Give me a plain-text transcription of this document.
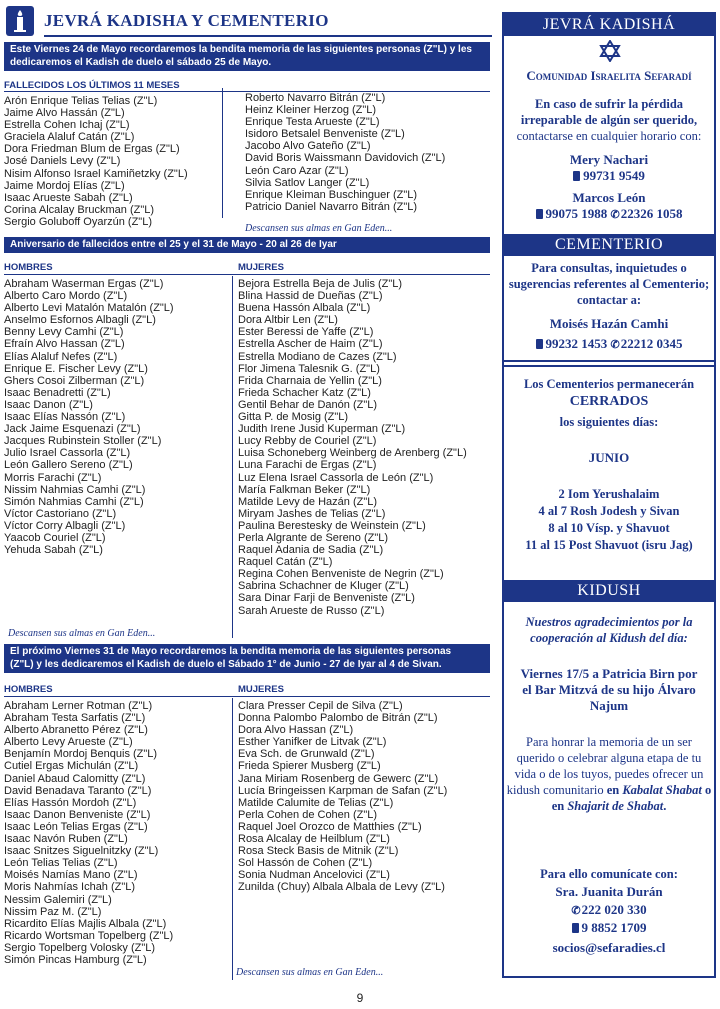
JEVRÁ KADISHA Y CEMENTERIO
Este Viernes 24 de Mayo recordaremos la bendita memoria de las siguientes personas (Z"L) y les
dedicaremos el Kadish de duelo el sábado 25 de Mayo.
FALLECIDOS LOS ÚLTIMOS 11 MESES
Arón Enrique Telias Telias (Z"L)
Jaime Alvo Hassán (Z"L)
Estrella Cohen Ichaj (Z"L)
Graciela Alaluf Catán (Z"L)
Dora Friedman Blum de Ergas (Z"L)
José Daniels Levy (Z"L)
Nisim Alfonso Israel Kamiñetzky (Z"L)
Jaime Mordoj Elías (Z"L)
Isaac Arueste Sabah (Z"L)
Corina Alcalay Bruckman (Z"L)
Sergio Goluboff Oyarzún (Z"L)
Roberto Navarro Bitrán (Z"L)
Heinz Kleiner Herzog (Z"L)
Enrique Testa Arueste (Z"L)
Isidoro Betsalel Benveniste (Z"L)
Jacobo Alvo Gateño (Z"L)
David Boris Waissmann Davidovich (Z"L)
León Caro Azar (Z"L)
Silvia Satlov Langer (Z"L)
Enrique Kleiman Buschinguer (Z"L)
Patricio Daniel Navarro Bitrán (Z"L)
Descansen sus almas en Gan Eden...
Aniversario de fallecidos entre el 25 y el 31 de Mayo - 20 al 26 de Iyar
HOMBRES	MUJERES
Abraham Waserman Ergas (Z"L)
Alberto Caro Mordo (Z"L)
Alberto Levi Matalón Matalón (Z"L)
Anselmo Esfornos Albagli (Z"L)
Benny Levy Camhi (Z"L)
Efraín Alvo Hassan (Z"L)
Elías Alaluf Nefes (Z"L)
Enrique E. Fischer Levy (Z"L)
Ghers Cosoi Zilberman (Z"L)
Isaac Benadretti (Z"L)
Isaac Danon (Z"L)
Isaac Elías Nassón (Z"L)
Jack Jaime Esquenazi (Z"L)
Jacques Rubinstein Stoller (Z"L)
Julio Israel Cassorla (Z"L)
León Gallero Sereno (Z"L)
Morris Farachi (Z"L)
Nissim Nahmias Camhi (Z"L)
Simón Nahmias Camhi (Z"L)
Víctor Castoriano (Z"L)
Víctor Corry Albagli (Z"L)
Yaacob Couriel (Z"L)
Yehuda Sabah (Z"L)
Bejora Estrella Beja de Julis (Z"L)
Blina Hassid de Dueñas (Z"L)
Buena Hassón Albala (Z"L)
Dora Altbir Len (Z"L)
Ester Beressi de Yaffe (Z"L)
Estrella Ascher de Haim (Z"L)
Estrella Modiano de Cazes (Z"L)
Flor Jimena Talesnik G. (Z"L)
Frida Charnaia de Yellin (Z"L)
Frieda Schacher Katz (Z"L)
Gentil Behar de Danón (Z"L)
Gitta P. de Mosig (Z"L)
Judith Irene Jusid Kuperman (Z"L)
Lucy Rebby de Couriel (Z"L)
Luisa Schoneberg Weinberg de Arenberg (Z"L)
Luna Farachi de Ergas (Z"L)
Luz Elena Israel Cassorla de León (Z"L)
María Falkman Beker (Z"L)
Matilde Levy de Hazán (Z"L)
Miryam Jashes de Telias (Z"L)
Paulina Berestesky de Weinstein (Z"L)
Perla Algrante de Sereno (Z"L)
Raquel Adania de Sadia (Z"L)
Raquel Catán (Z"L)
Regina Cohen Benveniste de Negrin (Z"L)
Sabrina Schachner de Kluger (Z"L)
Sara Dinar Farji de Benveniste (Z"L)
Sarah Arueste de Russo (Z"L)
Descansen sus almas en Gan Eden...
El próximo Viernes 31 de Mayo recordaremos la bendita memoria de las siguientes personas
(Z"L) y les dedicaremos el Kadish de duelo el Sábado 1° de Junio - 27 de Iyar al 4 de Sivan.
HOMBRES	MUJERES
Abraham Lerner Rotman (Z"L)
Abraham Testa Sarfatis (Z"L)
Alberto Abranetto Pérez (Z"L)
Alberto Levy Arueste (Z"L)
Benjamín Mordoj Benquis (Z"L)
Cutiel Ergas Michulán (Z"L)
Daniel Abaud Calomitty (Z"L)
David Benadava Taranto (Z"L)
Elías Hassón Mordoh (Z"L)
Isaac Danon Benveniste (Z"L)
Isaac León Telias Ergas (Z"L)
Isaac Navón Ruben (Z"L)
Isaac Snitzes Siguelnitzky (Z"L)
León Telias Telias (Z"L)
Moisés Namías Mano (Z"L)
Moris Nahmías Ichah (Z"L)
Nessim Galemiri (Z"L)
Nissim Paz M. (Z"L)
Ricardito Elías Majlis Albala (Z"L)
Ricardo Wortsman Topelberg (Z"L)
Sergio Topelberg Volosky (Z"L)
Simón Pincas Hamburg (Z"L)
Clara Presser Cepil de Silva (Z"L)
Donna Palombo Palombo de Bitrán (Z"L)
Dora Alvo Hassan (Z"L)
Esther Yanifker de Litvak (Z"L)
Eva Sch. de Grunwald (Z"L)
Frieda Spierer Musberg (Z"L)
Jana Miriam Rosenberg de Gewerc (Z"L)
Lucía Bringeissen Karpman de Safan (Z"L)
Matilde Calumite de Telias (Z"L)
Perla Cohen de Cohen (Z"L)
Raquel Joel Orozco de Matthies (Z"L)
Rosa Alcalay de Heilblum (Z"L)
Rosa Steck Basis de Mitnik (Z"L)
Sol Hassón de Cohen (Z"L)
Sonia Nudman Ancelovici (Z"L)
Zunilda (Chuy) Albala Albala de Levy (Z"L)
Descansen sus almas en Gan Eden...
JEVRÁ KADISHÁ
Comunidad Israelita Sefaradí
En caso de sufrir la pérdida irreparable de algún ser querido, contactarse en cualquier horario con:
Mery Nachari
99731 9549
Marcos León
99075 1988 ✆22326 1058
CEMENTERIO
Para consultas, inquietudes o sugerencias referentes al Cementerio; contactar a:
Moisés Hazán Camhi
99232 1453 ✆22212 0345
Los Cementerios permanecerán
CERRADOS
los siguientes días:
JUNIO
2 Iom Yerushalaim
4 al 7 Rosh Jodesh y Sivan
8 al 10 Vísp. y Shavuot
11 al 15 Post Shavuot (isru Jag)
KIDUSH
Nuestros agradecimientos por la cooperación al Kidush del día:
Viernes 17/5 a Patricia Birn por el Bar Mitzvá de su hijo Álvaro Najum
Para honrar la memoria de un ser querido o celebrar alguna etapa de tu vida o de los tuyos, puedes ofrecer un kidush comunitario en Kabalat Shabat o en Shajarit de Shabat.
Para ello comunícate con:
Sra. Juanita Durán
✆222 020 330
9 8852 1709
socios@sefaradies.cl
9
